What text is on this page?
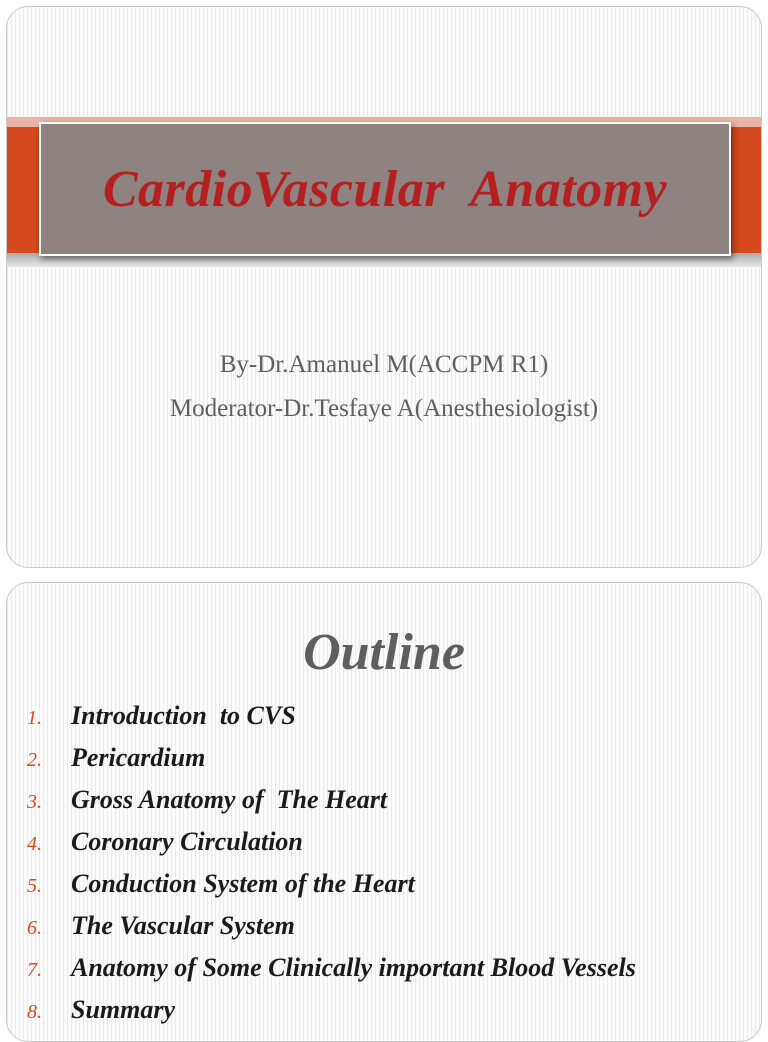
CardioVascular  Anatomy
By-Dr.Amanuel M(ACCPM R1)
Moderator-Dr.Tesfaye A(Anesthesiologist)
Outline
1.	Introduction  to CVS
2.	Pericardium
3.	Gross Anatomy of  The Heart
4.	Coronary Circulation
5.	Conduction System of the Heart
6.	The Vascular System
7.	Anatomy of Some Clinically important Blood Vessels
8.	Summary
